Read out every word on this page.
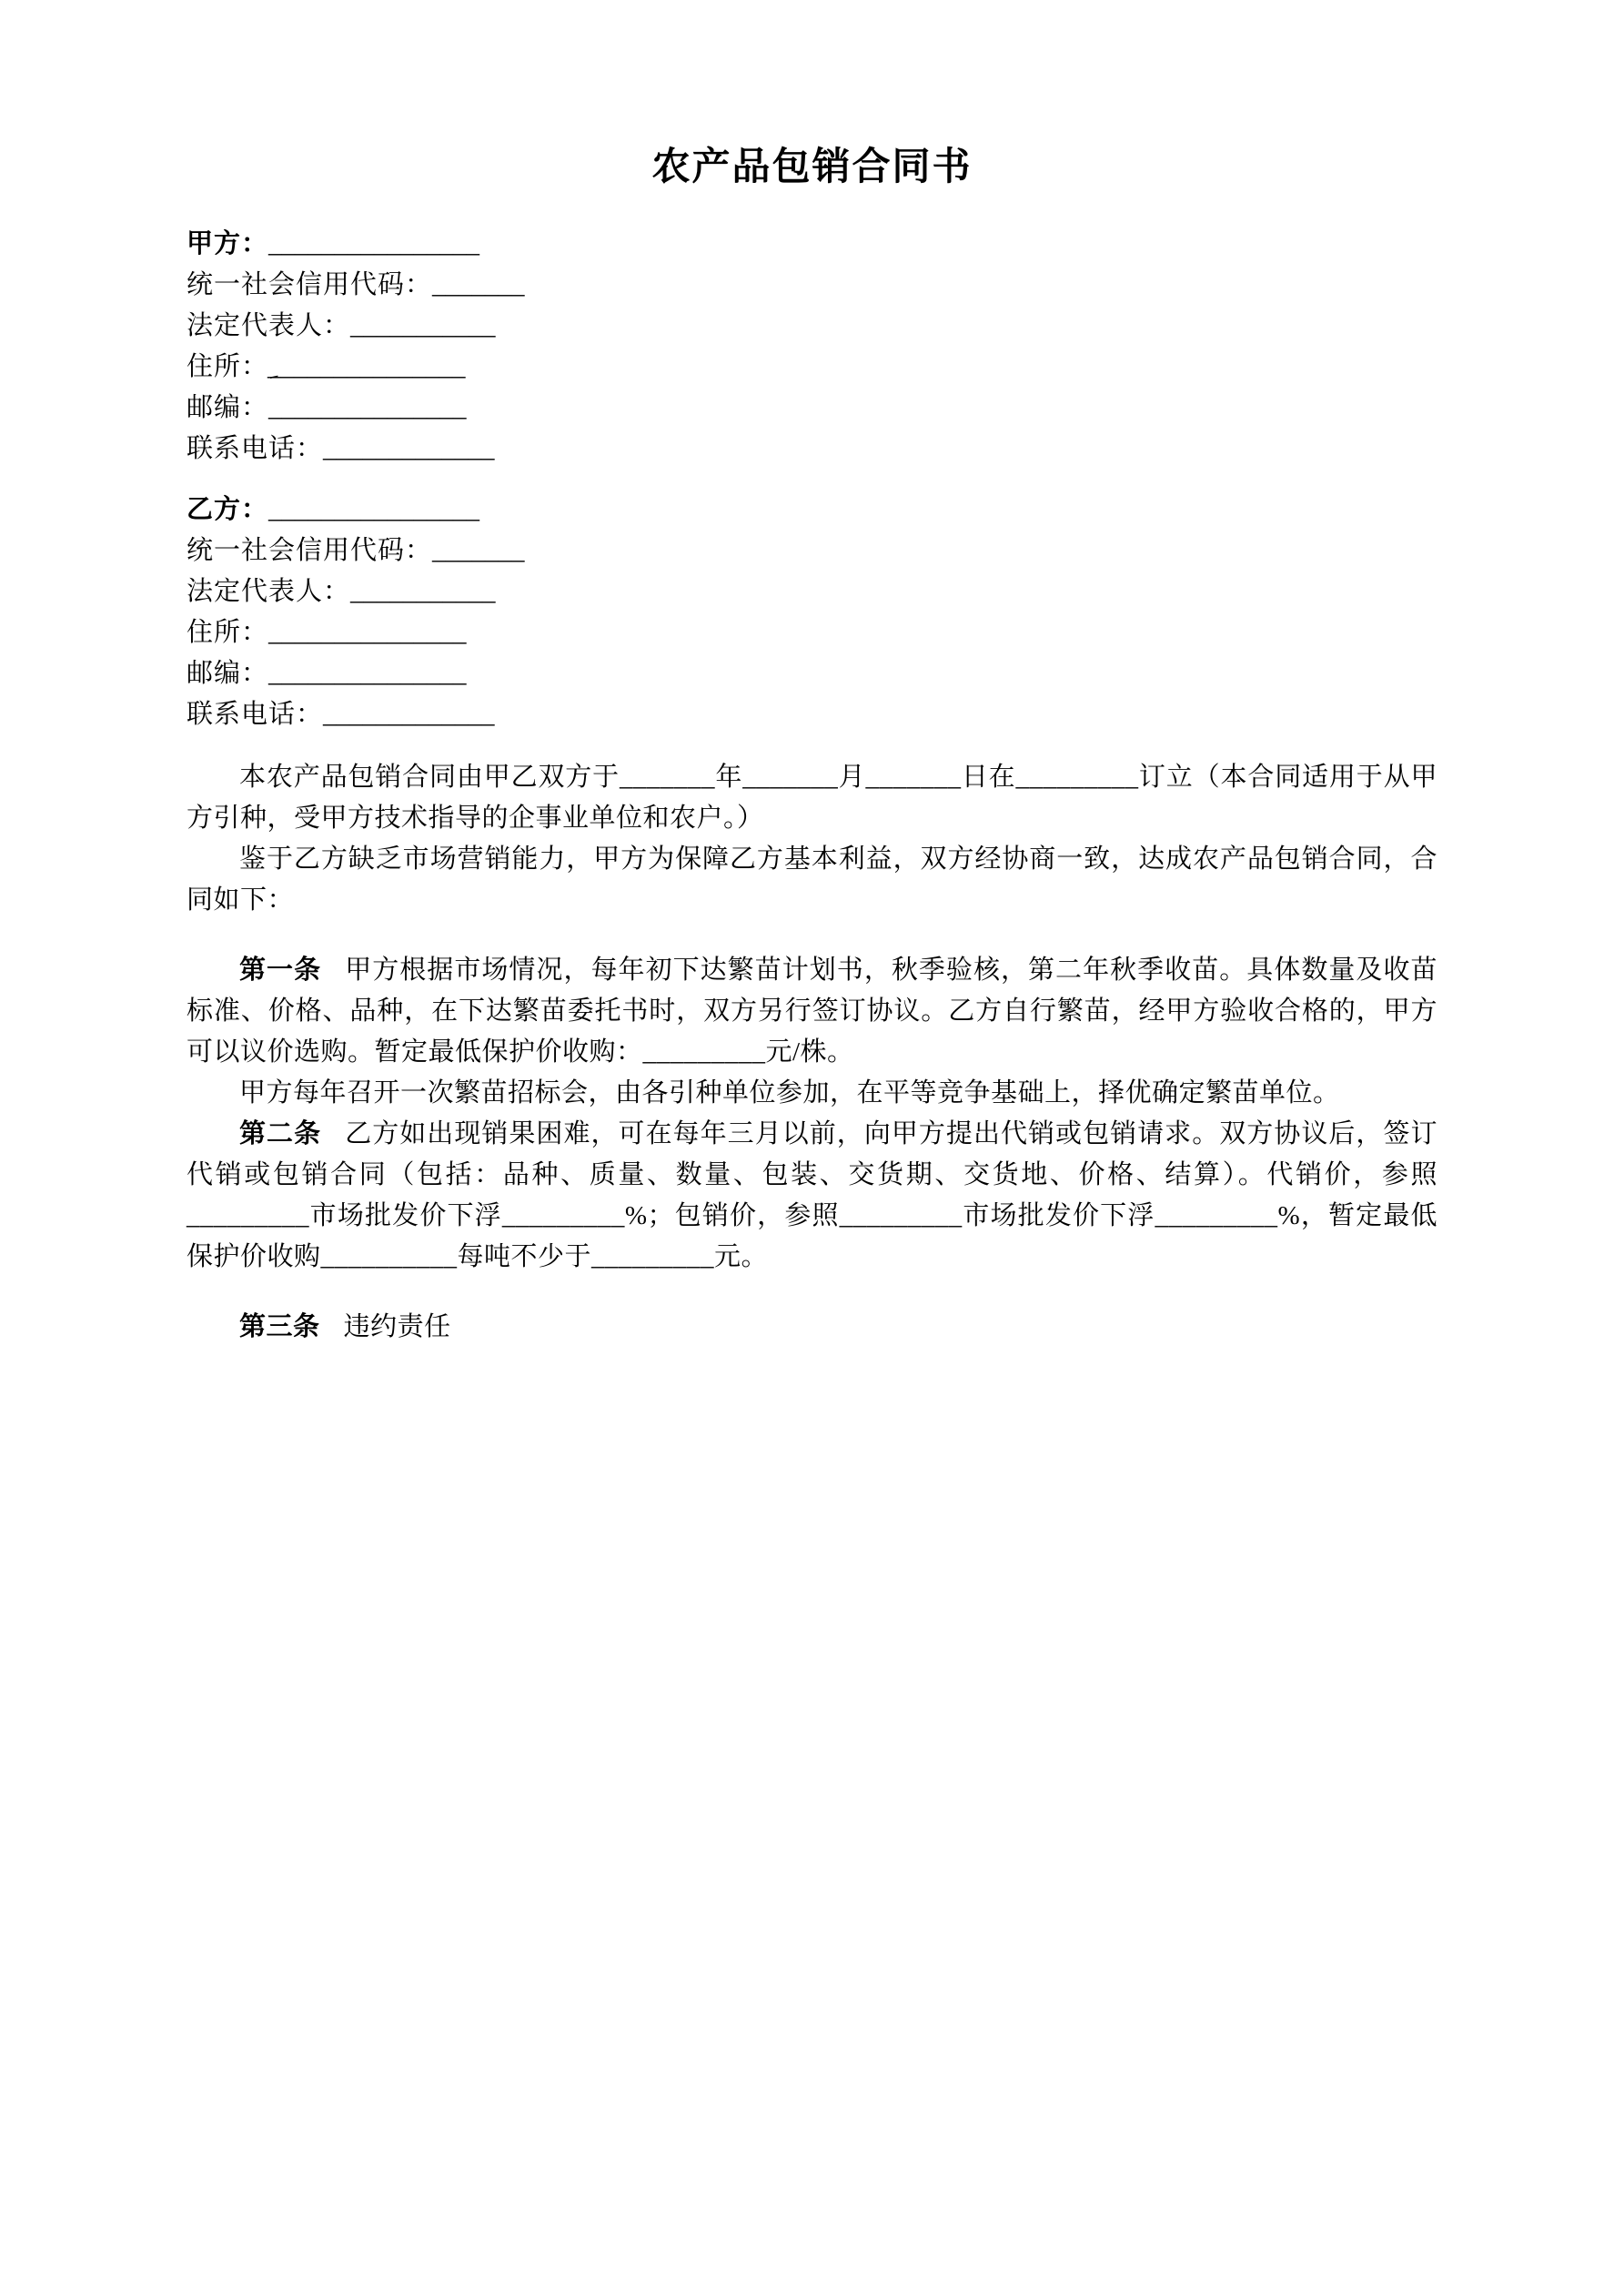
农产品包销合同书
甲方：________________
统一社会信用代码：_______
法定代表人：___________
住所：ِ_______________
邮编：_______________
联系电话：_____________
乙方：________________
统一社会信用代码：_______
法定代表人：___________
住所：_______________
邮编：_______________
联系电话：_____________

本农产品包销合同由甲乙双方于_______年_______月_______日在_________订立（本合同适用于从甲方引种，受甲方技术指导的企事业单位和农户。）

鉴于乙方缺乏市场营销能力，甲方为保障乙方基本利益，双方经协商一致，达成农产品包销合同，合同如下：

第一条 甲方根据市场情况，每年初下达繁苗计划书，秋季验核，第二年秋季收苗。具体数量及收苗标准、价格、品种，在下达繁苗委托书时，双方另行签订协议。乙方自行繁苗，经甲方验收合格的，甲方可以议价选购。暂定最低保护价收购：_________元/株。

甲方每年召开一次繁苗招标会，由各引种单位参加，在平等竞争基础上，择优确定繁苗单位。

第二条 乙方如出现销果困难，可在每年三月以前，向甲方提出代销或包销请求。双方协议后，签订代销或包销合同（包括：品种、质量、数量、包装、交货期、交货地、价格、结算）。代销价，参照_________市场批发价下浮_________%；包销价，参照_________市场批发价下浮_________%，暂定最低保护价收购__________每吨不少于_________元。

第三条 违约责任
